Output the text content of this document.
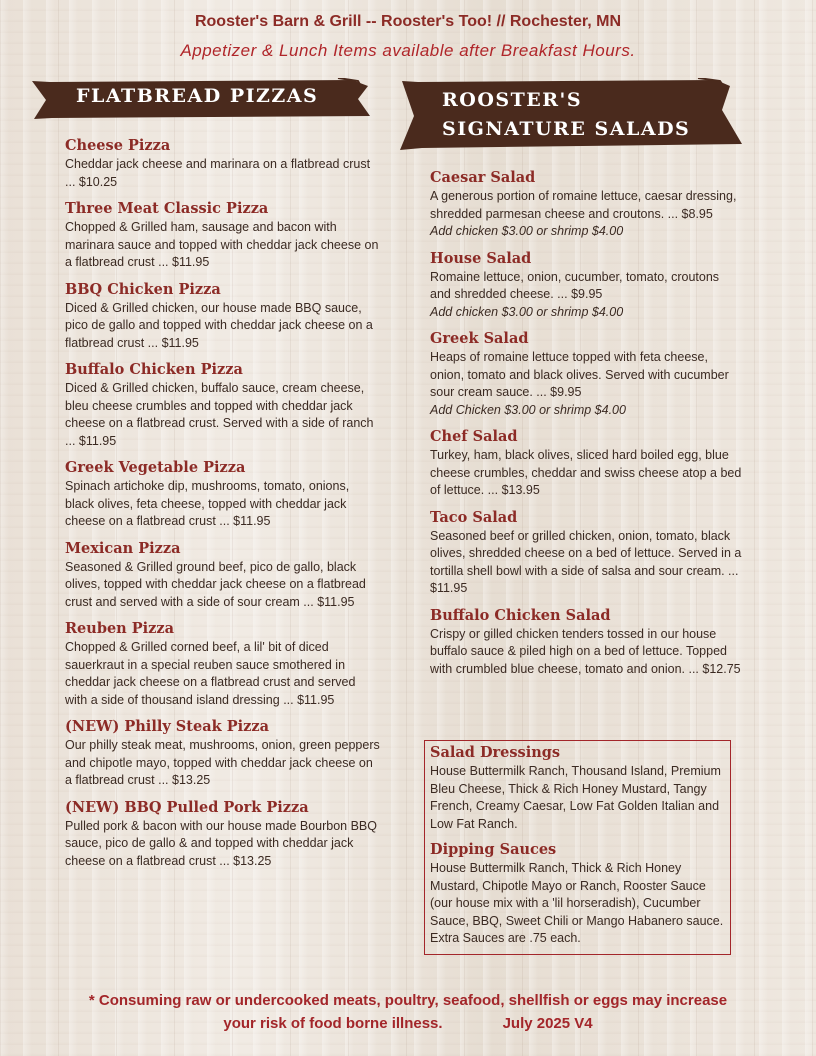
Rooster's Barn & Grill -- Rooster's Too! // Rochester, MN
Appetizer & Lunch Items available after Breakfast Hours.
FLATBREAD PIZZAS	ROOSTER'S
SIGNATURE SALADS
Cheese Pizza
Cheddar jack cheese and marinara on a flatbread crust ... $10.25
Three Meat Classic Pizza
Chopped & Grilled ham, sausage and bacon with marinara sauce and topped with cheddar jack cheese on a flatbread crust ... $11.95
BBQ Chicken Pizza
Diced & Grilled chicken, our house made BBQ sauce, pico de gallo and topped with cheddar jack cheese on a flatbread crust ... $11.95
Buffalo Chicken Pizza
Diced & Grilled chicken, buffalo sauce, cream cheese, bleu cheese crumbles and topped with cheddar jack cheese on a flatbread crust. Served with a side of ranch ... $11.95
Greek Vegetable Pizza
Spinach artichoke dip, mushrooms, tomato, onions, black olives, feta cheese, topped with cheddar jack cheese on a flatbread crust ... $11.95
Mexican Pizza
Seasoned & Grilled ground beef, pico de gallo, black olives, topped with cheddar jack cheese on a flatbread crust and served with a side of sour cream ... $11.95
Reuben Pizza
Chopped & Grilled corned beef, a lil' bit of diced sauerkraut in a special reuben sauce smothered in cheddar jack cheese on a flatbread crust and served with a side of thousand island dressing ... $11.95
(NEW) Philly Steak Pizza
Our philly steak meat, mushrooms, onion, green peppers and chipotle mayo, topped with cheddar jack cheese on a flatbread crust ... $13.25
(NEW) BBQ Pulled Pork Pizza
Pulled pork & bacon with our house made Bourbon BBQ sauce, pico de gallo & and topped with cheddar jack cheese on a flatbread crust ... $13.25
Caesar Salad
A generous portion of romaine lettuce, caesar dressing, shredded parmesan cheese and croutons. ... $8.95
Add chicken $3.00 or shrimp $4.00
House Salad
Romaine lettuce, onion, cucumber, tomato, croutons and shredded cheese. ... $9.95
Add chicken $3.00 or shrimp $4.00
Greek Salad
Heaps of romaine lettuce topped with feta cheese, onion, tomato and black olives. Served with cucumber sour cream sauce. ... $9.95
Add Chicken $3.00 or shrimp $4.00
Chef Salad
Turkey, ham, black olives, sliced hard boiled egg, blue cheese crumbles, cheddar and swiss cheese atop a bed of lettuce. ... $13.95
Taco Salad
Seasoned beef or grilled chicken, onion, tomato, black olives, shredded cheese on a bed of lettuce. Served in a tortilla shell bowl with a side of salsa and sour cream. ... $11.95
Buffalo Chicken Salad
Crispy or gilled chicken tenders tossed in our house buffalo sauce & piled high on a bed of lettuce. Topped with crumbled blue cheese, tomato and onion. ... $12.75
Salad Dressings
House Buttermilk Ranch, Thousand Island, Premium Bleu Cheese, Thick & Rich Honey Mustard, Tangy French, Creamy Caesar, Low Fat Golden Italian and Low Fat Ranch.
Dipping Sauces
House Buttermilk Ranch, Thick & Rich Honey Mustard, Chipotle Mayo or Ranch, Rooster Sauce (our house mix with a 'lil horseradish), Cucumber Sauce, BBQ, Sweet Chili or Mango Habanero sauce. Extra Sauces are .75 each.
* Consuming raw or undercooked meats, poultry, seafood, shellfish or eggs may increase
your risk of food borne illness.	July 2025 V4
